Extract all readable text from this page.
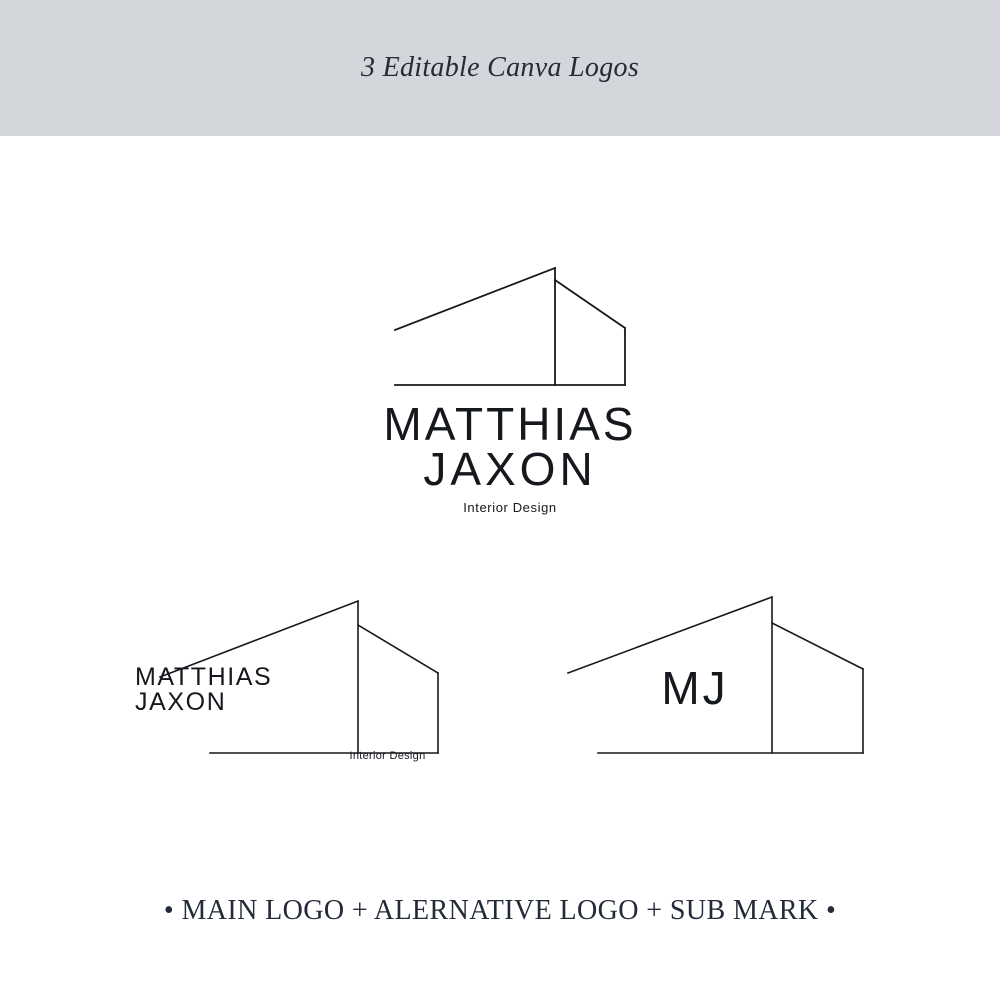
3 Editable Canva Logos
MATTHIAS
JAXON
Interior Design
MATTHIAS
JAXON
Interior Design
MJ
• MAIN LOGO + ALERNATIVE LOGO + SUB MARK •
